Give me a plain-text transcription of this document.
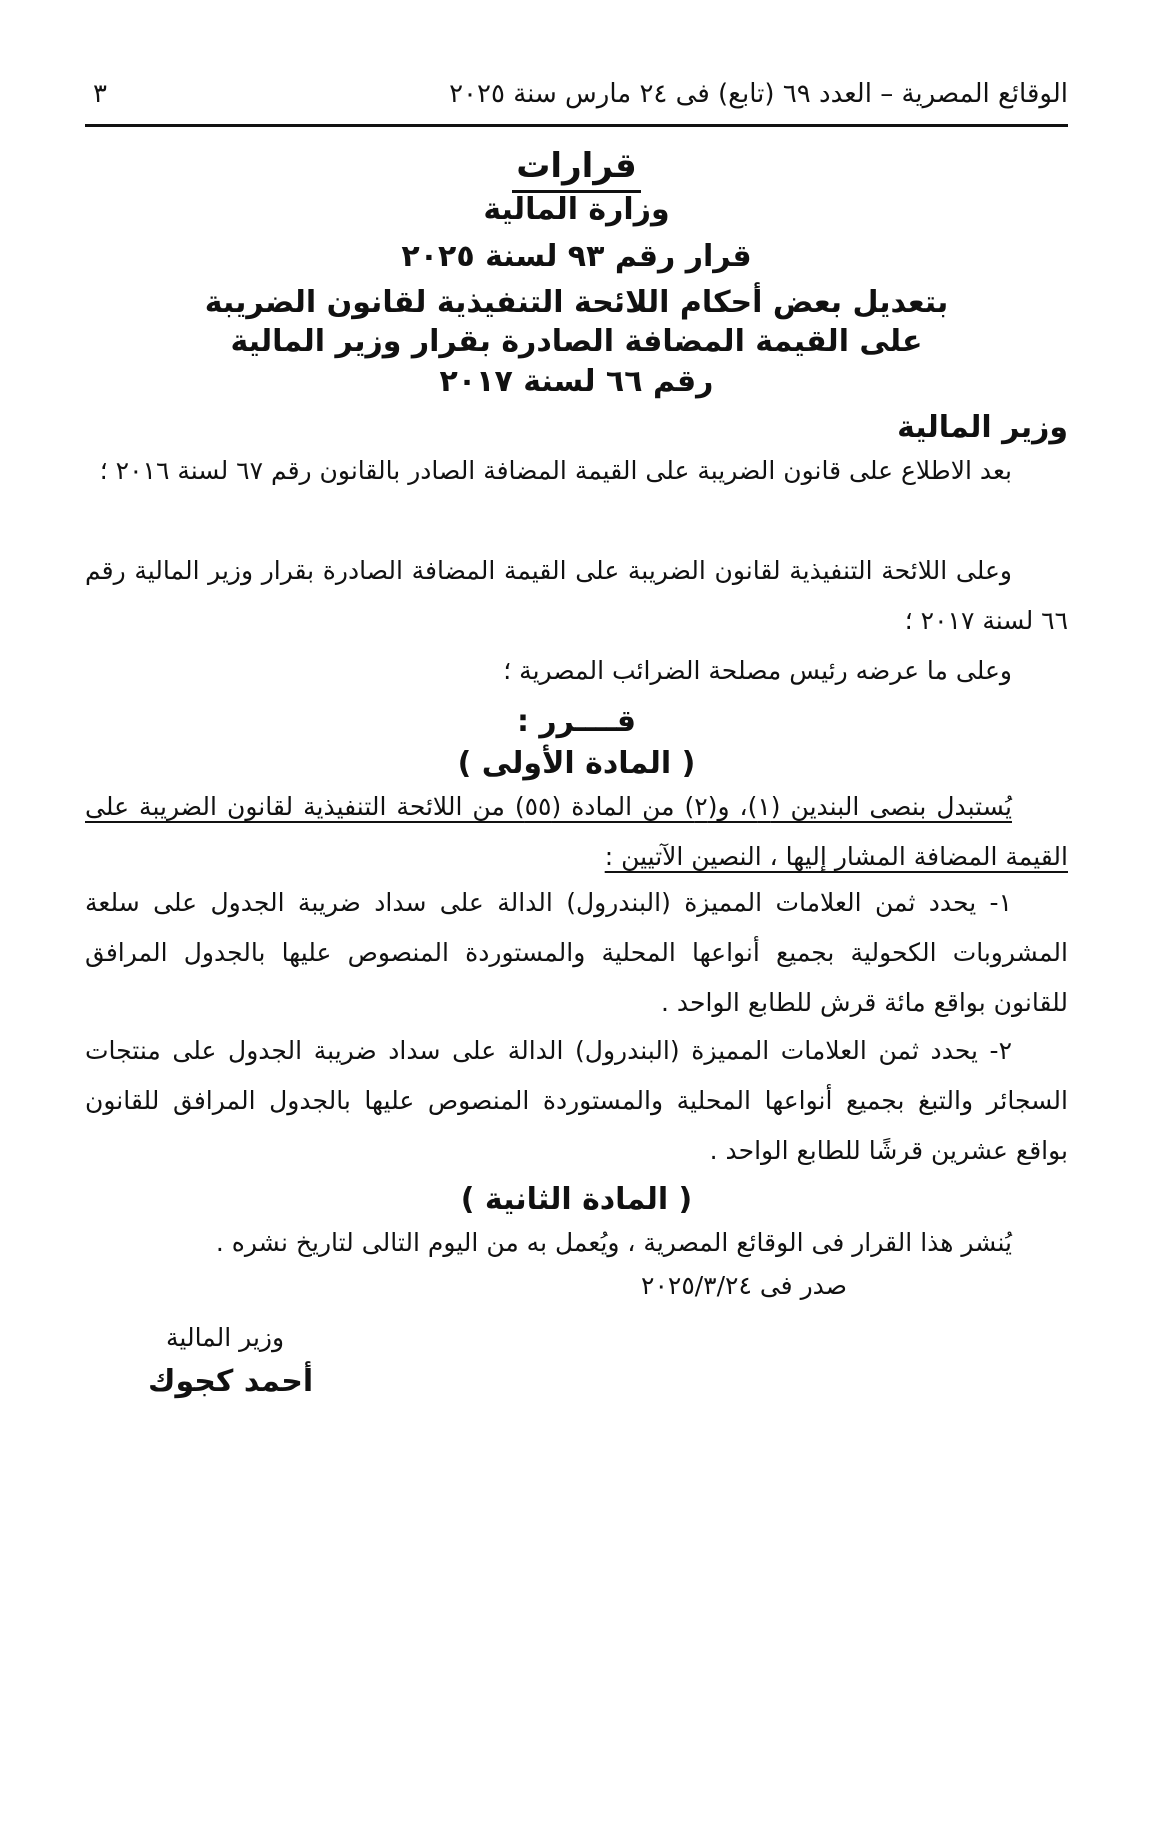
الوقائع المصرية – العدد ٦٩ (تابع) فى ٢٤ مارس سنة ٢٠٢٥
٣
قرارات
وزارة المالية
قرار رقم ٩٣ لسنة ٢٠٢٥
بتعديل بعض أحكام اللائحة التنفيذية لقانون الضريبة
على القيمة المضافة الصادرة بقرار وزير المالية
رقم ٦٦ لسنة ٢٠١٧
وزير المالية
بعد الاطلاع على قانون الضريبة على القيمة المضافة الصادر بالقانون رقم ٦٧ لسنة ٢٠١٦ ؛
وعلى اللائحة التنفيذية لقانون الضريبة على القيمة المضافة الصادرة بقرار وزير المالية رقم ٦٦ لسنة ٢٠١٧ ؛
وعلى ما عرضه رئيس مصلحة الضرائب المصرية ؛
قــــرر :
( المادة الأولى )
يُستبدل بنصى البندين (١)، و(٢) من المادة (٥٥) من اللائحة التنفيذية لقانون الضريبة على القيمة المضافة المشار إليها ، النصين الآتيين :
١- يحدد ثمن العلامات المميزة (البندرول) الدالة على سداد ضريبة الجدول على سلعة المشروبات الكحولية بجميع أنواعها المحلية والمستوردة المنصوص عليها بالجدول المرافق للقانون بواقع مائة قرش للطابع الواحد .
٢- يحدد ثمن العلامات المميزة (البندرول) الدالة على سداد ضريبة الجدول على منتجات السجائر والتبغ بجميع أنواعها المحلية والمستوردة المنصوص عليها بالجدول المرافق للقانون بواقع عشرين قرشًا للطابع الواحد .
( المادة الثانية )
يُنشر هذا القرار فى الوقائع المصرية ، ويُعمل به من اليوم التالى لتاريخ نشره .
صدر فى ٢٠٢٥/٣/٢٤
وزير المالية
أحمد كجوك
